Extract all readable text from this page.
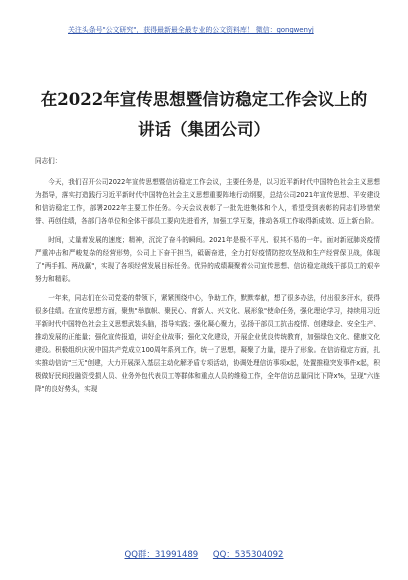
关注头条号"公文研究"，获得最新最全最专业的公文资料库！ 微信：gongwenyj
在2022年宣传思想暨信访稳定工作会议上的
讲话（集团公司）

同志们：

今天，我们召开公司2022年宣传思想暨信访稳定工作会议，主要任务是，以习近平新时代中国特色社会主义思想为指导，落实打造践行习近平新时代中国特色社会主义思想重要阵地行动纲要，总结公司2021年宣传思想、平安建设和信访稳定工作，部署2022年主要工作任务。今天会议表彰了一批先进集体和个人，希望受到表彰的同志们珍惜荣誉、再创佳绩，各部门各单位和全体干部员工要向先进看齐，加强工学互鉴，推动各项工作取得新成效、迈上新台阶。

时间，丈量着发展的速度；精神，沉淀了奋斗的瞬间。2021年是极不平凡、很其不易的一年。面对新冠肺炎疫情严重冲击和严峻复杂的经营形势，公司上下奋干担当，砥砺奋进，全力打好疫情防控攻坚战和生产经营保卫战，体现了"两手抓、两战赢"，实现了各项经营发展目标任务。优异的成绩凝聚着公司宣传思想、信访稳定战线干部员工的艰辛努力和精彩。

一年来，同志们在公司党委的带领下，紧紧围绕中心，争助工作，默默奉献，想了很多办法，付出很多汗水，获得很多佳绩。在宣传思想方面，聚焦"举旗帜、聚民心、育新人、兴文化、展形象"使命任务，强化理论学习，持续用习近平新时代中国特色社会主义思想武装头脑，指导实践；强化凝心聚力，弘扬干部员工抗击疫情、创建绿企、安全生产、推动发展的正能量；强化宣传报道，讲好企业故事；强化文化建设，开展企业优良传统教育，加强绿色文化、健康文化建设。积极组织庆祝中国共产党成立100周年系列工作，统一了思想，凝聚了力量，提升了形象。在信访稳定方面，扎实推动信访"三无"创建，大力开展深入基层主动化解矛盾专项活动，协调处理信访事项x起，处置推稳突发事件x起，积极做好民间投融资受损人员、业务外包代表员工等群体和重点人员的维稳工作，全年信访总量同比下降x%，呈现"六连降"的良好势头，实现

QQ群：31991489 QQ：535304092
